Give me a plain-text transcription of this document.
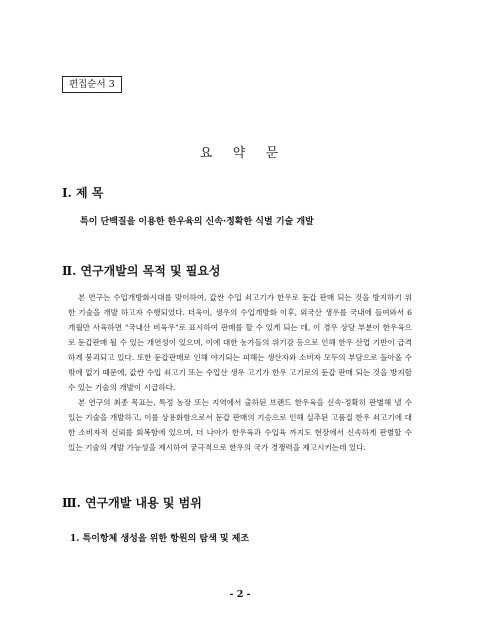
편집순서 3
요   약   문
Ⅰ. 제 목
특이 단백질을 이용한 한우육의 신속·정확한 식별 기술 개발
Ⅱ. 연구개발의 목적 및 필요성

본 연구는 수입개방화시대를 맞이하여, 값싼 수입 쇠고기가 한우로 둔갑 판매 되는 것을 방지하기 위한 기술을 개발 하고자 수행되었다. 더욱이, 생우의 수입개방화 이후, 외국산 생우를 국내에 들여와서 6개월만 사육하면 "국내산 비육우"로 표시하여 판매를 할 수 있게 되는 데, 이 경우 상당 부분이 한우육으로 둔갑판매 될 수 있는 개연성이 있으며, 이에 대한 농가들의 위기감 등으로 인해 한우 산업 기반이 급격하게 붕괴되고 있다. 또한 둔갑판매로 인해 야기되는 피해는 생산자와 소비자 모두의 부담으로 돌아올 수 밖에 없기 때문에, 값싼 수입 쇠고기 또는 수입산 생우 고기가 한우 고기로의 둔갑 판매 되는 것을 방지할 수 있는 기술의 개발이 시급하다.

본 연구의 최종 목표는, 특정 농장 또는 지역에서 출하된 브랜드 한우육을 신속·정확히 판별해 낼 수 있는 기술을 개발하고, 이를 상용화함으로서 둔갑 판매의 기승으로 인해 실추된 고품질 한우 쇠고기에 대한 소비자적 신뢰를 회복함에 있으며, 더 나아가 한우육과 수입육 까지도 현장에서 신속하게 판별할 수 있는 기술의 개발 가능성을 제시하여 궁극적으로 한우의 국가 경쟁력을 제고시키는데 있다.

Ⅲ. 연구개발 내용 및 범위
1. 특이항체 생성을 위한 항원의 탐색 및 제조
- 2 -
